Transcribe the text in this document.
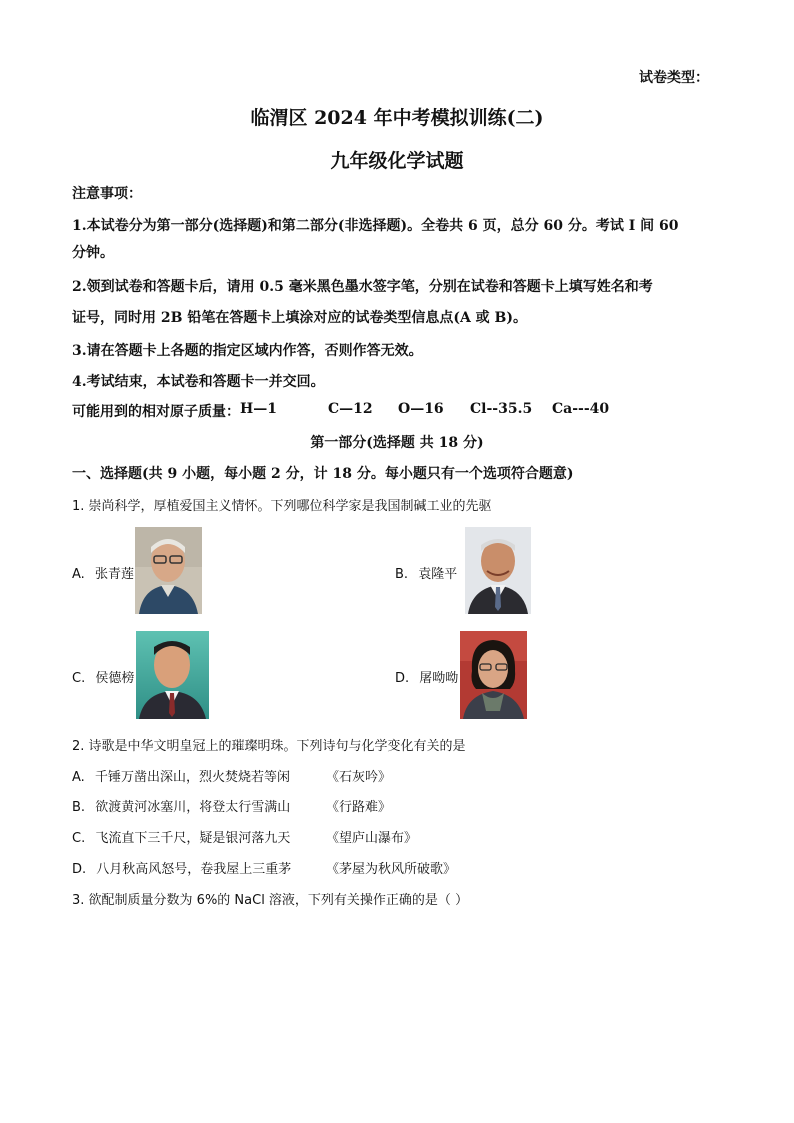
试卷类型：
临渭区 2024 年中考模拟训练(二)
九年级化学试题
注意事项：
1.本试卷分为第一部分(选择题)和第二部分(非选择题)。全卷共 6 页，总分 60 分。考试 I 间 60
分钟。
2.领到试卷和答题卡后，请用 0.5 毫米黑色墨水签字笔，分别在试卷和答题卡上填写姓名和考
证号，同时用 2B 铅笔在答题卡上填涂对应的试卷类型信息点(A 或 B)。
3.请在答题卡上各题的指定区域内作答，否则作答无效。
4.考试结束，本试卷和答题卡一并交回。
可能用到的相对原子质量： H—1	C—12 O—16 Cl--35.5 Ca---40
第一部分(选择题 共 18 分)
一、选择题(共 9 小题，每小题 2 分，计 18 分。每小题只有一个选项符合题意)
1. 崇尚科学，厚植爱国主义情怀。下列哪位科学家是我国制碱工业的先驱
A. 张青莲	B. 袁隆平
C. 侯德榜	D. 屠呦呦
2. 诗歌是中华文明皇冠上的璀璨明珠。下列诗句与化学变化有关的是
A. 千锤万凿出深山，烈火焚烧若等闲	《石灰吟》
B. 欲渡黄河冰塞川，将登太行雪满山	《行路难》
C. 飞流直下三千尺，疑是银河落九天	《望庐山瀑布》
D. 八月秋高风怒号，卷我屋上三重茅	《茅屋为秋风所破歌》
3. 欲配制质量分数为 6%的 NaCl 溶液，下列有关操作正确的是（ ）
